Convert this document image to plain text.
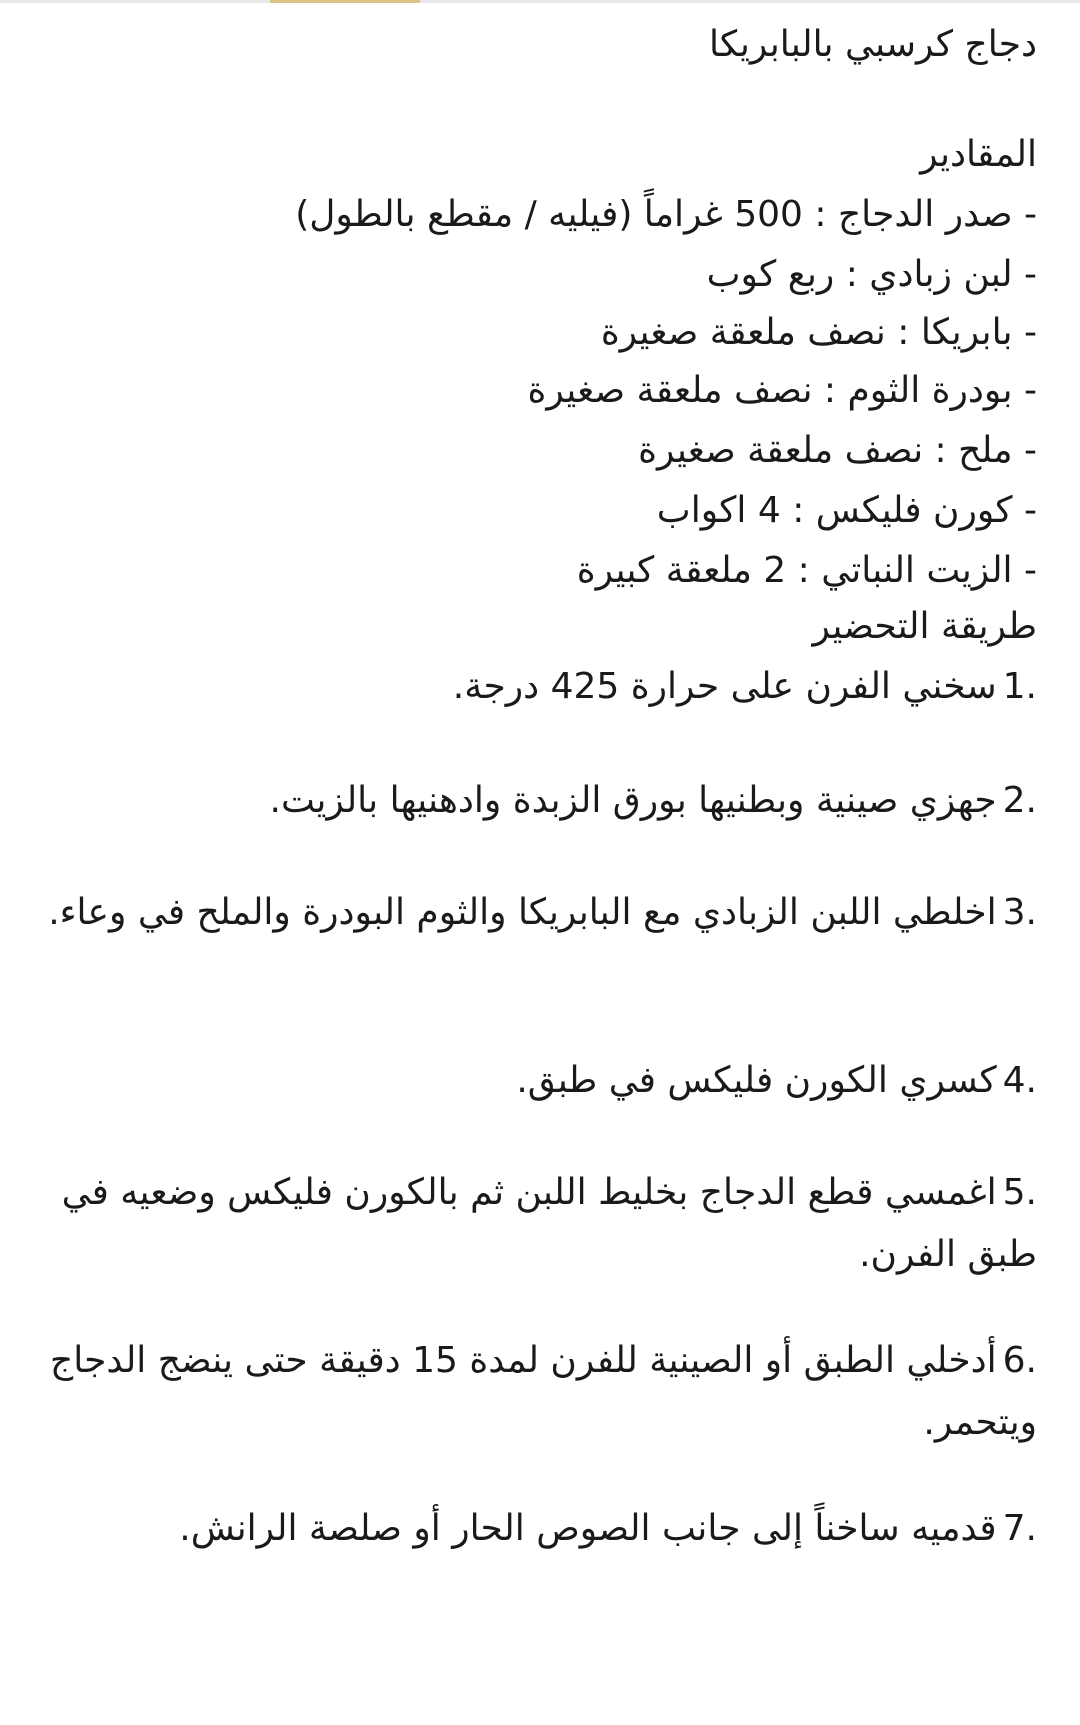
دجاج كرسبي بالبابريكا
المقادير
- صدر الدجاج : 500 غراماً (فيليه / مقطع بالطول)
- لبن زبادي : ربع كوب
- بابريكا : نصف ملعقة صغيرة
- بودرة الثوم : نصف ملعقة صغيرة
- ملح : نصف ملعقة صغيرة
- كورن فليكس : 4 اكواب
- الزيت النباتي : 2 ملعقة كبيرة
طريقة التحضير
1.سخني الفرن على حرارة 425 درجة.
2.جهزي صينية وبطنيها بورق الزبدة وادهنيها بالزيت.
3.اخلطي اللبن الزبادي مع البابريكا والثوم البودرة والملح في وعاء.
4.كسري الكورن فليكس في طبق.
5.اغمسي قطع الدجاج بخليط اللبن ثم بالكورن فليكس وضعيه في طبق الفرن.
6.أدخلي الطبق أو الصينية للفرن لمدة 15 دقيقة حتى ينضج الدجاج ويتحمر.
7.قدميه ساخناً إلى جانب الصوص الحار أو صلصة الرانش.
